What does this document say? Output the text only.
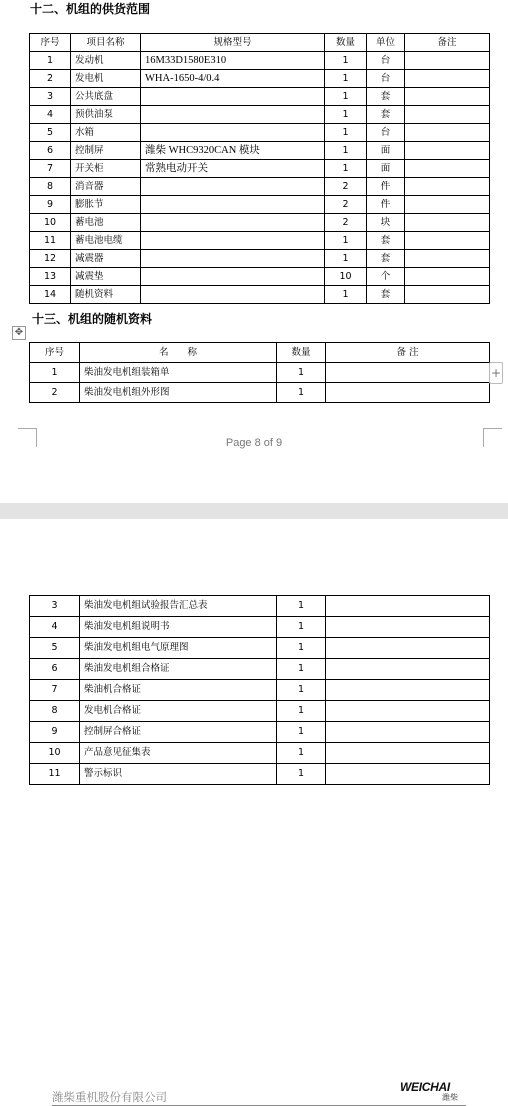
十二、机组的供货范围
序号	项目名称	规格型号	数量	单位	备注
1	发动机	16M33D1580E310	1	台	
2	发电机	WHA-1650-4/0.4	1	台	
3	公共底盘		1	套	
4	预供油泵		1	套	
5	水箱		1	台	
6	控制屏	潍柴 WHC9320CAN 模块	1	面	
7	开关柜	常熟电动开关	1	面	
8	消音器		2	件	
9	膨胀节		2	件	
10	蓄电池		2	块	
11	蓄电池电缆		1	套	
12	减震器		1	套	
13	减震垫		10	个	
14	随机资料		1	套	
十三、机组的随机资料
✥
序号	名　　称	数量	备 注
1	柴油发电机组装箱单	1	
2	柴油发电机组外形图	1	
+
Page 8 of 9
潍柴重机股份有限公司
WEICHAI
潍柴
3	柴油发电机组试验报告汇总表	1	
4	柴油发电机组说明书	1	
5	柴油发电机组电气原理图	1	
6	柴油发电机组合格证	1	
7	柴油机合格证	1	
8	发电机合格证	1	
9	控制屏合格证	1	
10	产品意见征集表	1	
11	警示标识	1	
